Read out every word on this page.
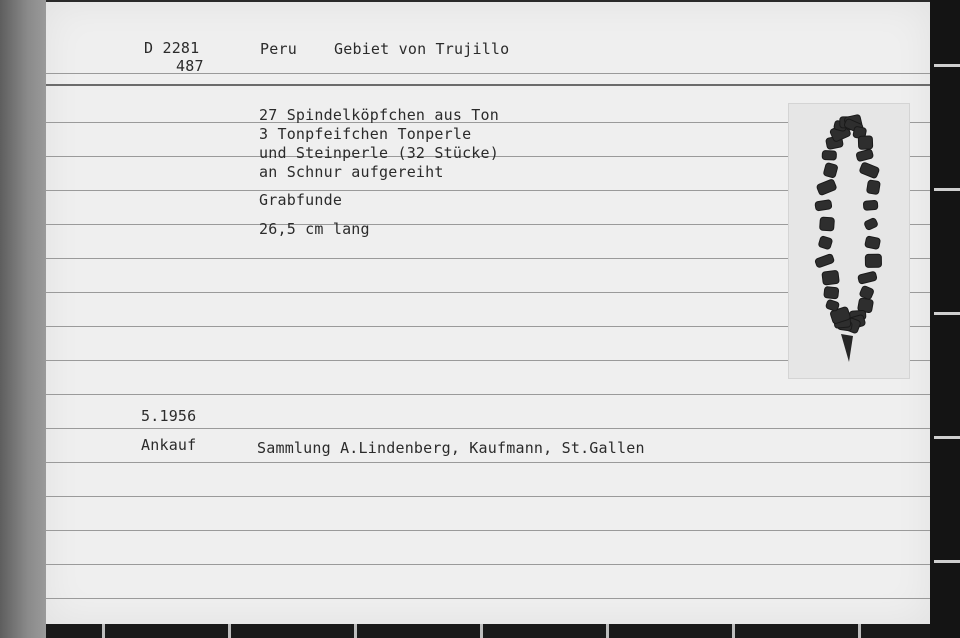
D 2281

487

Peru Gebiet von Trujillo

27 Spindelköpfchen aus Ton

3 Tonpfeifchen Tonperle

und Steinperle (32 Stücke)

an Schnur aufgereiht

Grabfunde

26,5 cm lang

5.1956

Ankauf	Sammlung A.Lindenberg, Kaufmann, St.Gallen
